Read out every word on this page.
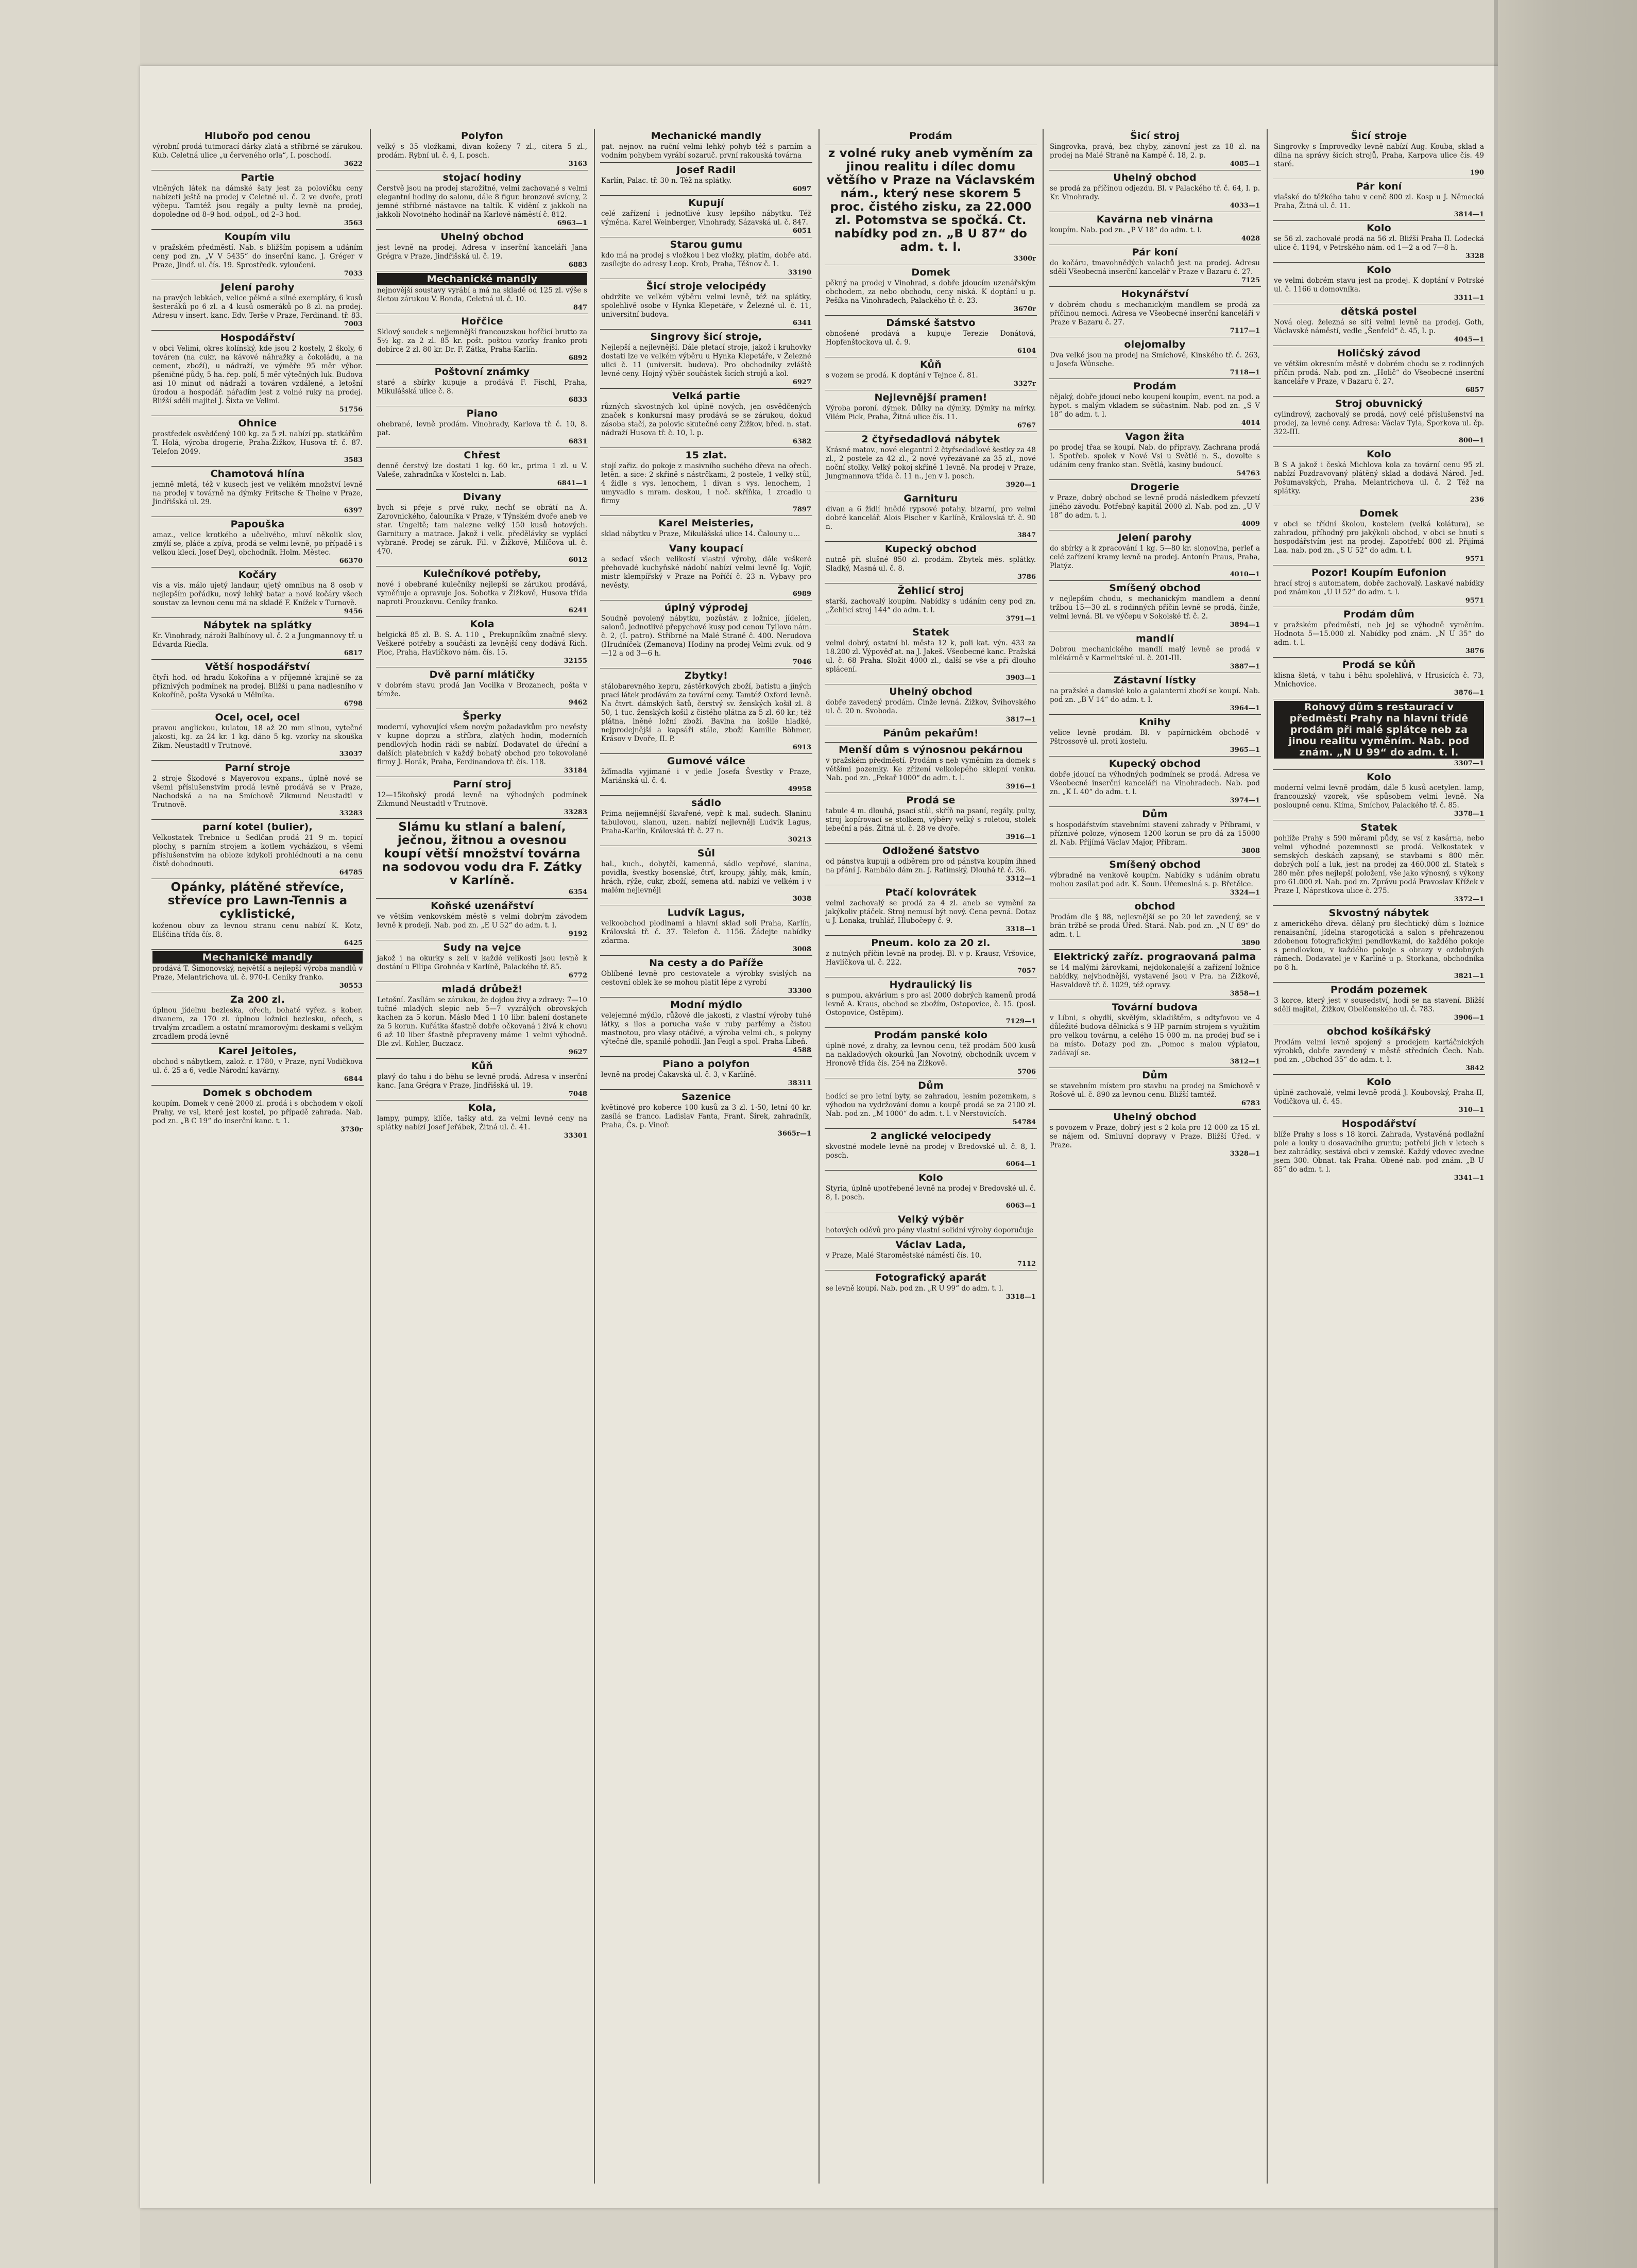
Hlubořo pod cenou
výrobní prodá tutmorací dárky zlatá a stříbrné se zárukou. Kub. Celetná ulice „u červeného orla“, I. poschodí.
3622
Partie
vlněných látek na dámské šaty jest za polovičku ceny nabízeti ještě na prodej v Celetné ul. č. 2 ve dvoře, proti výčepu. Tamtéž jsou regály a pulty levně na prodej, dopoledne od 8–9 hod. odpol., od 2–3 hod.
3563
Koupím vilu
v pražském předměstí. Nab. s bližším popisem a udáním ceny pod zn. „V V 5435“ do inserční kanc. J. Gréger v Praze, Jindř. ul. čís. 19. Sprostředk. vyloučeni.
7033
Jelení parohy
na pravých lebkách, velice pěkné a silné exempláry, 6 kusů šesteráků po 6 zl. a 4 kusů osmeráků po 8 zl. na prodej. Adresu v insert. kanc. Edv. Terše v Praze, Ferdinand. tř. 83.
7003
Hospodářství
v obci Velimi, okres kolínský, kde jsou 2 kostely, 2 školy, 6 továren (na cukr, na kávové náhražky a čokoládu, a na cement, zboží), u nádraží, ve výměře 95 měr výbor. pšeničné půdy, 5 ha. řep. polí, 5 měr výtečných luk. Budova asi 10 minut od nádraží a továren vzdálené, a letošní úrodou a hospodář. nářadím jest z volné ruky na prodej. Bližší sdělí majitel J. Šixta ve Velimi.
51756
Ohnice
prostředek osvědčený 100 kg. za 5 zl. nabízí pp. statkářům T. Holá, výroba drogerie, Praha-Žižkov, Husova tř. č. 87. Telefon 2049.
3583
Chamotová hlína
jemně mletá, též v kusech jest ve velikém množství levně na prodej v továrně na dýmky Fritsche & Theine v Praze, Jindřišská ul. 29.
6397
Papouška
amaz., velice krotkého a učelivého, mluví několik slov, zmýlí se, pláče a zpívá, prodá se velmi levně, po případě i s velkou klecí. Josef Deyl, obchodník. Holm. Městec.
66370
Kočáry
vis a vis. málo ujetý landaur, ujetý omnibus na 8 osob v nejlepším pořádku, nový lehký batar a nové kočáry všech soustav za levnou cenu má na skladě F. Knížek v Turnově.
9456
Nábytek na splátky
Kr. Vinohrady, nároží Balbínovy ul. č. 2 a Jungmannovy tř. u Edvarda Riedla.
6817
Větší hospodářství
čtyři hod. od hradu Kokořína a v příjemné krajině se za přiznivých podmínek na prodej. Bližší u pana nadlesního v Kokoříně, pošta Vysoká u Mělníka.
6798
Ocel, ocel, ocel
pravou anglickou, kulatou, 18 až 20 mm silnou, vytečné jakosti, kg. za 24 kr. 1 kg. dáno 5 kg. vzorky na skouška Zikm. Neustadtl v Trutnově.
33037
Parní stroje
2 stroje Škodové s Mayerovou expans., úplně nové se všemi příslušenstvím prodá levně prodává se v Praze, Nachodská a na na Smíchově Zikmund Neustadtl v Trutnově.
33283
parní kotel (bulier),
Velkostatek Trebnice u Sedlčan prodá 21 9 m. topicí plochy, s parním strojem a kotlem vycházkou, s všemi příslušenstvím na obloze kdykoli prohlédnouti a na cenu čistě dohodnouti.
64785
Opánky, plátěné střevíce, střevíce pro Lawn-Tennis a cyklistické,
koženou obuv za levnou stranu cenu nabízí K. Kotz, Eliščina třída čís. 8.
6425
Mechanické mandly
prodává T. Šimonovský, největší a nejlepší výroba mandlů v Praze, Melantrichova ul. č. 970-I. Ceníky franko.
30553
Za 200 zl.
úplnou jídelnu bezleska, ořech, bohaté vyřez. s kober. divanem, za 170 zl. úplnou ložnici bezlesku, ořech, s trvalým zrcadlem a ostatní mramorovými deskami s velkým zrcadlem prodá levně
Karel Jeitoles,
obchod s nábytkem, založ. r. 1780, v Praze, nyní Vodičkova ul. č. 25 a 6, vedle Národní kavárny.
6844
Domek s obchodem
koupím. Domek v ceně 2000 zl. prodá i s obchodem v okolí Prahy, ve vsi, které jest kostel, po případě zahrada. Nab. pod zn. „B C 19“ do inserční kanc. t. 1.
3730r
Polyfon
velký s 35 vložkami, divan koženy 7 zl., citera 5 zl., prodám. Rybní ul. č. 4, I. posch.
3163
stojací hodiny
Čerstvě jsou na prodej starožitné, velmi zachované s velmi elegantní hodiny do salonu, dále 8 figur. bronzové svícny, 2 jemné stříbrné nástavce na taltík. K vidění z jakkoli na jakkoli Novotného hodinář na Karlově náměstí č. 812.
6963—1
Uhelný obchod
jest levně na prodej. Adresa v inserční kanceláři Jana Grégra v Praze, Jindřišská ul. č. 19.
6883
Mechanické mandly
nejnovější soustavy vyrábí a má na skladě od 125 zl. výše s šletou zárukou V. Bonda, Celetná ul. č. 10.
847
Hořčice
Sklový soudek s nejjemnější francouzskou hořčicí brutto za 5½ kg. za 2 zl. 85 kr. pošt. poštou vzorky franko proti dobírce 2 zl. 80 kr. Dr. F. Zátka, Praha-Karlín.
6892
Poštovní známky
staré a sbírky kupuje a prodává F. Fischl, Praha, Mikulášská ulice č. 8.
6833
Piano
ohebrané, levně prodám. Vinohrady, Karlova tř. č. 10, 8. pat.
6831
Chřest
denně čerstvý lze dostati 1 kg. 60 kr., prima 1 zl. u V. Valeše, zahradníka v Kostelci n. Lab.
6841—1
Divany
bych si přeje s prvé ruky, nechť se obrátí na A. Zarovnického, čalouníka v Praze, v Týnském dvoře aneb ve star. Ungeltě; tam nalezne velký 150 kusů hotových. Garnitury a matrace. Jakož i velk. předělávky se vyplácí vybrané. Prodej se záruk. Fil. v Žižkově, Milíčova ul. č. 470.
6012
Kulečníkové potřeby,
nové i obebrané kulečníky nejlepší se zárukou prodává, vyměňuje a opravuje Jos. Sobotka v Žižkově, Husova třída naproti Prouzkovu. Ceníky franko.
6241
Kola
belgická 85 zl. B. S. A. 110 „ Prekupníkům značně slevy. Veškeré potřeby a součásti za levnější ceny dodává Rich. Ploc, Praha, Havlíčkovo nám. čís. 15.
32155
Dvě parní mlátičky
v dobrém stavu prodá Jan Vocilka v Brozanech, pošta v témže.
9462
Šperky
moderní, vyhovující všem novým požadavkům pro nevěsty v kupne doprzu a stříbra, zlatých hodin, moderních pendlových hodin rádi se nabízí. Dodavatel do úřední a dalších platebních v každý bohatý obchod pro tokovolané firmy J. Horák, Praha, Ferdinandova tř. čís. 118.
33184
Parní stroj
12—15koňský prodá levně na výhodných podmínek Zikmund Neustadtl v Trutnově.
33283
Slámu ku stlaní a balení, ječnou, žitnou a ovesnou koupí větší množství továrna na sodovou vodu dra F. Zátky v Karlíně.
6354
Koňské uzenářství
ve větším venkovském městě s velmi dobrým závodem levně k prodeji. Nab. pod zn. „E U 52“ do adm. t. l.
9192
Sudy na vejce
jakož i na okurky s zelí v každé velikosti jsou levně k dostání u Filipa Grohnéa v Karlíně, Palackého tř. 85.
6772
mladá drůbež!
Letošní. Zasílám se zárukou, že dojdou živy a zdravy: 7—10 tučné mladých slepic neb 5—7 vyzrálých obrovských kachen za 5 korun. Máslo Med 1 10 libr. balení dostanete za 5 korun. Kuřátka šťastně dobře očkovaná i živá k chovu 6 až 10 liber šťastně přepraveny máme 1 velmi výhodně. Dle zvl. Kohler, Buczacz.
9627
Kůň
plavý do tahu i do běhu se levně prodá. Adresa v inserční kanc. Jana Grégra v Praze, Jindřišská ul. 19.
7048
Kola,
lampy, pumpy, klíče, tašky atd. za velmi levné ceny na splátky nabízí Josef Jeřábek, Žitná ul. č. 41.
33301
Mechanické mandly
pat. nejnov. na ruční velmi lehký pohyb též s parním a vodním pohybem vyrábí sozaruč. první rakouská továrna
Josef Radil
Karlín, Palac. tř. 30 n. Též na splátky.
6097
Kupují
celé zařízení i jednotlivé kusy lepšího nábytku. Též výměna. Karel Weinberger, Vinohrady, Sázavská ul. č. 847.
6051
Starou gumu
kdo má na prodej s vložkou i bez vložky, platím, dobře atd. zasílejte do adresy Leop. Krob, Praha, Těšnov č. 1.
33190
Šicí stroje velocipédy
obdržíte ve velkém výběru velmi levně, též na splátky, spolehlivě osobe v Hynka Klepetáře, v Železné ul. č. 11, universitní budova.
6341
Singrovy šicí stroje,
Nejlepší a nejlevnější. Dále pletací stroje, jakož i kruhovky dostati lze ve velkém výběru u Hynka Klepetáře, v Železné ulici č. 11 (universit. budova). Pro obchodníky zvláště levné ceny. Hojný výběr součástek šicích strojů a kol.
6927
Velká partie
různých skvostných kol úplně nových, jen osvědčených značek s konkursní masy prodává se se zárukou, dokud zásoba stačí, za polovic skutečné ceny Žižkov, břed. n. stat. nádraží Husova tř. č. 10, I. p.
6382
15 zlat.
stojí zařiz. do pokoje z masivního suchého dřeva na ořech. letěn. a sice: 2 skříně s nástrčkami, 2 postele, 1 velký stůl, 4 židle s vys. lenochem, 1 divan s vys. lenochem, 1 umyvadlo s mram. deskou, 1 noč. skříňka, 1 zrcadlo u firmy
7897
Karel Meisteries,
sklad nábytku v Praze, Mikulášská ulice 14. Čalouny u…
Vany koupací
a sedací všech velikostí vlastní výroby, dále veškeré přehovadé kuchyňské nádobí nabízí velmi levně Ig. Vojíř, mistr klempířský v Praze na Poříčí č. 23 n. Vybavy pro nevěsty.
6989
úplný výprodej
Soudně povolený nábytku, pozůstáv. z ložnice, jídelen, salonů, jednotlivé přepychové kusy pod cenou Tyllovo nám. č. 2, (I. patro). Stříbrné na Malé Straně č. 400. Nerudova (Hrudníček (Zemanova) Hodiny na prodej Velmi zvuk. od 9—12 a od 3—6 h.
7046
Zbytky!
stálobarevného kepru, zástěrkových zboží, batistu a jiných prací látek prodávám za tovární ceny. Tamtéž Oxford levně. Na čtvrt. dámských šatů, čerstvý sv. ženských košil zl. 8 50, 1 tuc. ženských košil z čistého plátna za 5 zl. 60 kr.; též plátna, lněné ložní zboží. Bavlna na košile hladké, nejprodejnější a kapsáři stále, zboží Kamilie Böhmer, Krásov v Dvoře, II. P.
6913
Gumové válce
žďímadla vyjímané i v jedle Josefa Švestky v Praze, Mariánská ul. č. 4.
49958
sádlo
Prima nejjemnější škvařené, vepř. k mal. sudech. Slaninu tabulovou, slanou, uzen. nabízí nejlevněji Ludvík Lagus, Praha-Karlín, Královská tř. č. 27 n.
30213
Sůl
bal., kuch., dobytčí, kamenná, sádlo vepřové, slanina, povidla, švestky bosenské, čtrť, kroupy, jáhly, mák, kmín, hrách, rýže, cukr, zboží, semena atd. nabízí ve velkém i v malém nejlevněji
3038
Ludvík Lagus,
velkoobchod plodinami a hlavní sklad soli Praha, Karlín, Královská tř. č. 37. Telefon č. 1156. Žádejte nabídky zdarma.
3008
Na cesty a do Paříže
Oblíbené levně pro cestovatele a výrobky svislých na cestovní oblek ke se mohou platit lépe z vyrobí
33300
Modní mýdlo
velejemné mýdlo, růžové dle jakosti, z vlastní výroby tuhé látky, s ilos a porucha vaše v ruby parfémy a čistou mastnotou, pro vlasy otáčivé, a výroba velmi ch., s pokyny výtečné dle, spanilé pohodlí. Jan Feigl a spol. Praha-Libeň.
4588
Piano a polyfon
levně na prodej Čakavská ul. č. 3, v Karlíně.
38311
Sazenice
květinové pro koberce 100 kusů za 3 zl. 1·50, letní 40 kr. zasílá se franco. Ladislav Fanta, Frant. Šírek, zahradník, Praha, Čs. p. Vinoř.
3665r—1
Prodám
z volné ruky aneb vyměním za jinou realitu i dílec domu většího v Praze na Václavském nám., který nese skorem 5 proc. čistého zisku, za 22.000 zl. Potomstva se spočká. Ct. nabídky pod zn. „B U 87“ do adm. t. l.
3300r
Domek
pěkný na prodej v Vinohrad, s dobře jdoucím uzenářským obchodem, za nebo obchodu, ceny niská. K doptání u p. Pešíka na Vinohradech, Palackého tř. č. 23.
3670r
Dámské šatstvo
obnošené prodává a kupuje Terezie Donátová, Hopfenštockova ul. č. 9.
6104
Kůň
s vozem se prodá. K doptání v Tejnce č. 81.
3327r
Nejlevnější pramen!
Výroba poroní. dýmek. Důlky na dýmky, Dýmky na mírky. Vilém Pick, Praha, Žitná ulice čís. 11.
6767
2 čtyřsedadlová nábytek
Krásné matov., nové elegantní 2 čtyřsedadlové šestky za 48 zl., 2 postele za 42 zl., 2 nové vyřezávané za 35 zl., nové noční stolky. Velký pokoj skříně 1 levně. Na prodej v Praze, Jungmannova třída č. 11 n., jen v I. posch.
3920—1
Garnituru
divan a 6 židlí hnědé rypsové potahy, bizarní, pro velmi dobré kancelář. Alois Fischer v Karlíně, Královská tř. č. 90 n.
3847
Kupecký obchod
nutně při slušné 850 zl. prodám. Zbytek měs. splátky. Sladký, Masná ul. č. 8.
3786
Žehlicí stroj
starší, zachovalý koupím. Nabídky s udáním ceny pod zn. „Žehlicí stroj 144“ do adm. t. l.
3791—1
Statek
velmi dobrý, ostatní bl. města 12 k, poli kat. výn. 433 za 18.200 zl. Výpověď at. na J. Jakeš. Všeobecné kanc. Pražská ul. č. 68 Praha. Složit 4000 zl., další se vše a při dlouho splácení.
3903—1
Uhelný obchod
dobře zavedený prodám. Činže levná. Žižkov, Švihovského ul. č. 20 n. Svoboda.
3817—1
Pánům pekařům!
Menší dům s výnosnou pekárnou
v pražském předměstí. Prodám s neb vyměním za domek s většími pozemky. Ke zřízení velkolepého sklepní venku. Nab. pod zn. „Pekař 1000“ do adm. t. l.
3916—1
Prodá se
tabule 4 m. dlouhá, psací stůl, skříň na psaní, regály, pulty, stroj kopírovací se stolkem, výběry velký s roletou, stolek lebeční a pás. Žitná ul. č. 28 ve dvoře.
3916—1
Odložené šatstvo
od pánstva kupuji a odběrem pro od pánstva koupím ihned na přání J. Rambálo dám zn. J. Ratimský, Dlouhá tř. č. 36.
3312—1
Ptačí kolovrátek
velmi zachovalý se prodá za 4 zl. aneb se vymění za jakýkoliv ptáček. Stroj nemusí být nový. Cena pevná. Dotaz u J. Lonaka, truhlář, Hlubočepy č. 9.
3318—1
Pneum. kolo za 20 zl.
z nutných příčin levně na prodej. Bl. v p. Krausr, Vršovice, Havlíčkova ul. č. 222.
7057
Hydraulický lis
s pumpou, akvárium s pro asi 2000 dobrých kamenů prodá levně A. Kraus, obchod se zbožím, Ostopovice, č. 15. (posl. Ostopovice, Ostěpim).
7129—1
Prodám panské kolo
úplně nové, z drahy, za levnou cenu, též prodám 500 kusů na nakladových okourků Jan Novotný, obchodník uvcem v Hronově třída čís. 254 na Žižkově.
5706
Dům
hodící se pro letní byty, se zahradou, lesním pozemkem, s výhodou na vydržování domu a koupě prodá se za 2100 zl. Nab. pod zn. „M 1000“ do adm. t. l. v Nerstovicích.
54784
2 anglické velocipedy
skvostné modele levně na prodej v Bredovské ul. č. 8, I. posch.
6064—1
Kolo
Styria, úplně upotřebené levně na prodej v Bredovské ul. č. 8, I. posch.
6063—1
Velký výběr
hotových oděvů pro pány vlastní solidní výroby doporučuje
Václav Lada,
v Praze, Malé Staroměstské náměstí čís. 10.
7112
Fotografický aparát
se levně koupí. Nab. pod zn. „R U 99“ do adm. t. l.
3318—1
Šicí stroj
Singrovka, pravá, bez chyby, zánovní jest za 18 zl. na prodej na Malé Straně na Kampě č. 18, 2. p.
4085—1
Uhelný obchod
se prodá za příčinou odjezdu. Bl. v Palackého tř. č. 64, I. p. Kr. Vinohrady.
4033—1
Kavárna neb vinárna
koupím. Nab. pod zn. „P V 18“ do adm. t. l.
4028
Pár koní
do kočáru, tmavohnědých valachů jest na prodej. Adresu sdělí Všeobecná inserční kancelář v Praze v Bazaru č. 27.
7125
Hokynářství
v dobrém chodu s mechanickým mandlem se prodá za příčinou nemoci. Adresa ve Všeobecné inserční kanceláři v Praze v Bazaru č. 27.
7117—1
olejomalby
Dva velké jsou na prodej na Smíchově, Kinského tř. č. 263, u Josefa Wünsche.
7118—1
Prodám
nějaký, dobře jdoucí nebo koupení koupím, event. na pod. a hypot. s malým vkladem se súčastním. Nab. pod zn. „S V 18“ do adm. t. l.
4014
Vagon žita
po prodej třaa se koupí. Nab. do připravy. Zachrana prodá I. Spotřeb. spolek v Nové Vsi u Světlé n. S., dovolte s udáním ceny franko stan. Světlá, kasiny budoucí.
54763
Drogerie
v Praze, dobrý obchod se levně prodá následkem převzetí jiného závodu. Potřebný kapitál 2000 zl. Nab. pod zn. „U V 18“ do adm. t. l.
4009
Jelení parohy
do sbírky a k zpracování 1 kg. 5—80 kr. slonovina, perleť a celé zařízení kramy levně na prodej. Antonín Praus, Praha, Platýz.
4010—1
Smíšený obchod
v nejlepším chodu, s mechanickým mandlem a denní tržbou 15—30 zl. s rodinných příčin levně se prodá, činže, velmi levná. Bl. ve výčepu v Sokolské tř. č. 2.
3894—1
mandlí
Dobrou mechanického mandlí malý levně se prodá v mlékárně v Karmelitské ul. č. 201-III.
3887—1
Zástavní lístky
na pražské a damské kolo a galanterní zboží se koupí. Nab. pod zn. „B V 14“ do adm. t. l.
3964—1
Knihy
velice levně prodám. Bl. v papírnickém obchodě v Pštrossově ul. proti kostelu.
3965—1
Kupecký obchod
dobře jdoucí na výhodných podmínek se prodá. Adresa ve Všeobecné inserční kanceláři na Vinohradech. Nab. pod zn. „K L 40“ do adm. t. l.
3974—1
Dům
s hospodářstvím stavebními stavení zahrady v Příbrami, v příznivé poloze, výnosem 1200 korun se pro dá za 15000 zl. Nab. Přijímá Václav Major, Příbram.
3808
Smíšený obchod
výbradně na venkově koupím. Nabídky s udáním obratu mohou zasílat pod adr. K. Šoun. Úřemeslná s. p. Břetěice.
3324—1
obchod
Prodám dle § 88, nejlevnější se po 20 let zavedený, se v brán tržbě se prodá Úřed. Stará. Nab. pod zn. „N U 69“ do adm. t. l.
3890
Elektrický zaříz. prograovaná palma
se 14 malými žárovkami, nejdokonalejší a zařízení ložnice nabídky, nejvhodnější, vystavené jsou v Pra. na Žižkově, Hasvaldově tř. č. 1029, též opravy.
3858—1
Tovární budova
v Líbni, s obydlí, skvělým, skladištěm, s odtyfovou ve 4 důležité budova dělnická s 9 HP parním strojem s využitím pro velkou továrnu, a celého 15 000 m. na prodej buď se i na místo. Dotazy pod zn. „Pomoc s malou výplatou, zadávají se.
3812—1
Dům
se stavebním místem pro stavbu na prodej na Smíchově v Rošově ul. č. 890 za levnou cenu. Bližší tamtéž.
6783
Uhelný obchod
s povozem v Praze, dobrý jest s 2 kola pro 12 000 za 15 zl. se nájem od. Smluvní dopravy v Praze. Bližší Úřed. v Praze.
3328—1
Šicí stroje
Singrovky s Improvedky levně nabízí Aug. Kouba, sklad a dílna na správy šicích strojů, Praha, Karpova ulice čís. 49 staré.
190
Pár koní
vlašské do těžkého tahu v cenč 800 zl. Kosp u J. Německá Praha, Žitná ul. č. 11.
3814—1
Kolo
se 56 zl. zachovalé prodá na 56 zl. Bližší Praha II. Lodecká ulice č. 1194, v Petrského nám. od 1—2 a od 7—8 h.
3328
Kolo
ve velmi dobrém stavu jest na prodej. K doptání v Potrské ul. č. 1166 u domovníka.
3311—1
dětská postel
Nová oleg. železná se síti velmi levně na prodej. Goth, Václavské náměstí, vedle „Šenfeld“ č. 45, I. p.
4045—1
Holičský závod
ve větším okresním městě v dobrém chodu se z rodinných příčin prodá. Nab. pod zn. „Holič“ do Všeobecné inserční kanceláře v Praze, v Bazaru č. 27.
6857
Stroj obuvnický
cylindrový, zachovalý se prodá, nový celé příslušenství na prodej, za levné ceny. Adresa: Václav Tyla, Šporkova ul. čp. 322-III.
800—1
Kolo
B S A jakož i česká Michlova kola za tovární cenu 95 zl. nabízí Pozdravovaný plátěný sklad a dodává Národ. Jed. Pošumavských, Praha, Melantrichova ul. č. 2 Též na splátky.
236
Domek
v obci se třídní školou, kostelem (velká kolátura), se zahradou, příhodný pro jakýkoli obchod, v obci se hnutí s hospodářstvím jest na prodej. Zapotřebí 800 zl. Přijímá Laa. nab. pod zn. „S U 52“ do adm. t. l.
9571
Pozor! Koupím Eufonion
hrací stroj s automatem, dobře zachovalý. Laskavé nabídky pod známkou „U U 52“ do adm. t. l.
9571
Prodám dům
v pražském předměstí, neb jej se výhodně vyměním. Hodnota 5—15.000 zl. Nabídky pod znám. „N U 35“ do adm. t. l.
3876
Prodá se kůň
klisna šletá, v tahu i běhu spolehlivá, v Hrusicích č. 73, Mnichovice.
3876—1
Rohový dům s restaurací v předměstí Prahy na hlavní třídě prodám při malé splátce neb za jinou realitu vyměním. Nab. pod znám. „N U 99“ do adm. t. l.
3307—1
Kolo
moderní velmi levně prodám, dále 5 kusů acetylen. lamp, francouzský vzorek, vše spůsobem velmi levně. Na posloupně cenu. Klíma, Smíchov, Palackého tř. č. 85.
3378—1
Statek
pohlíže Prahy s 590 měrami půdy, se vsí z kasárna, nebo velmi výhodné pozemnosti se prodá. Velkostatek v semských deskách zapsaný, se stavbami s 800 měr. dobrých polí a luk, jest na prodej za 460.000 zl. Statek s 280 měr. přes nejlepší položení, vše jako výnosný, s výkony pro 61.000 zl. Nab. pod zn. Zprávu podá Pravoslav Křížek v Praze I, Náprstkova ulice č. 275.
3372—1
Skvostný nábytek
z amerického dřeva. dělaný pro šlechtický dům s lożnice renaisanční, jídelna starogotická a salon s přehrazenou zdobenou fotografickými pendlovkami, do každého pokoje s pendlovkou, v každého pokoje s obrazy v ozdobných rámech. Dodavatel je v Karlíně u p. Storkana, obchodníka po 8 h.
3821—1
Prodám pozemek
3 korce, který jest v sousedství, hodí se na stavení. Bližší sdělí majitel, Žižkov, Obelčenského ul. č. 783.
3906—1
obchod košíkářský
Prodám velmi levně spojený s prodejem kartáčnických výrobků, dobře zavedený v městě středních Čech. Nab. pod zn. „Obchod 35“ do adm. t. l.
3842
Kolo
úplně zachovalé, velmi levně prodá J. Koubovský, Praha-II, Vodičkova ul. č. 45.
310—1
Hospodářství
blíže Prahy s loss s 18 korci. Zahrada, Vystavěná podlažní pole a louky u dosavadního gruntu; potřebí jich v letech s bez zahrádky, sestává obci v zemské. Každý vdovec zvedne jsem 300. Obnat. tak Praha. Obené nab. pod znám. „B U 85“ do adm. t. l.
3341—1
